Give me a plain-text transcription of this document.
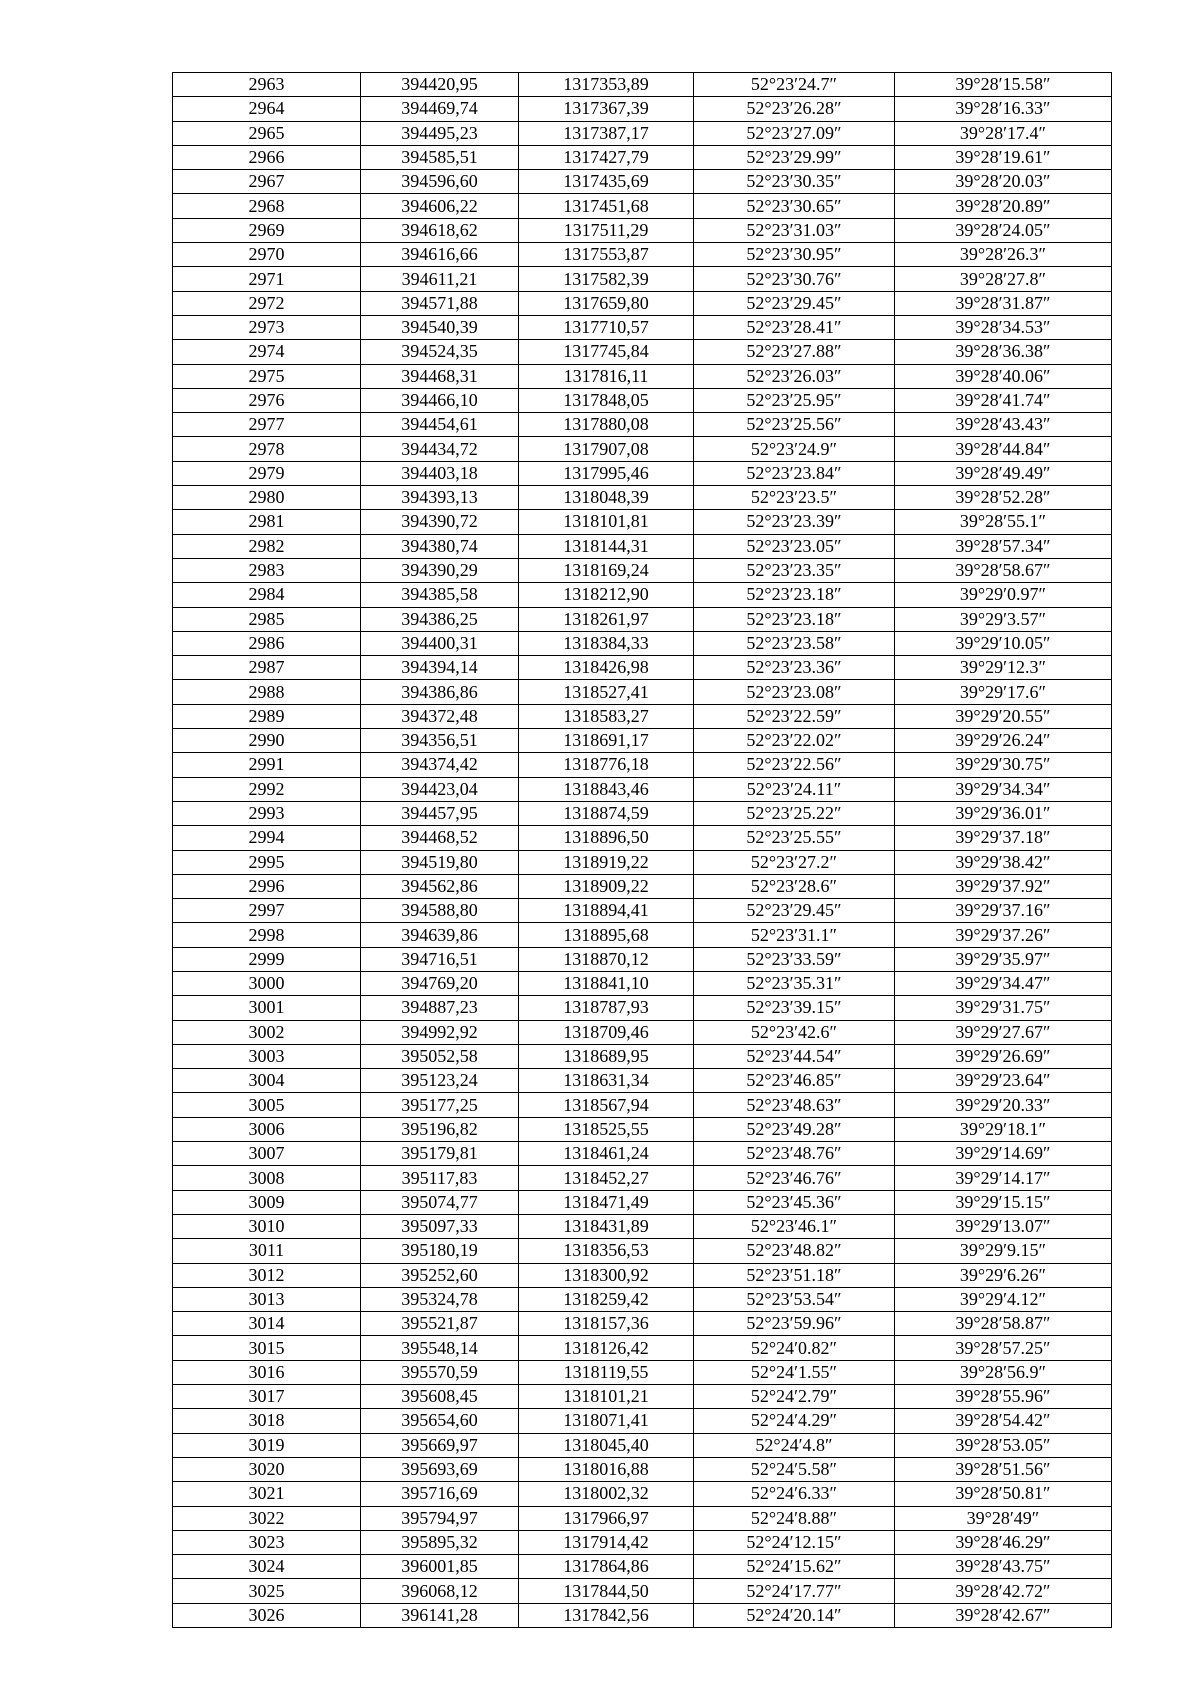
2963	394420,95	1317353,89	52°23′24.7″	39°28′15.58″
2964	394469,74	1317367,39	52°23′26.28″	39°28′16.33″
2965	394495,23	1317387,17	52°23′27.09″	39°28′17.4″
2966	394585,51	1317427,79	52°23′29.99″	39°28′19.61″
2967	394596,60	1317435,69	52°23′30.35″	39°28′20.03″
2968	394606,22	1317451,68	52°23′30.65″	39°28′20.89″
2969	394618,62	1317511,29	52°23′31.03″	39°28′24.05″
2970	394616,66	1317553,87	52°23′30.95″	39°28′26.3″
2971	394611,21	1317582,39	52°23′30.76″	39°28′27.8″
2972	394571,88	1317659,80	52°23′29.45″	39°28′31.87″
2973	394540,39	1317710,57	52°23′28.41″	39°28′34.53″
2974	394524,35	1317745,84	52°23′27.88″	39°28′36.38″
2975	394468,31	1317816,11	52°23′26.03″	39°28′40.06″
2976	394466,10	1317848,05	52°23′25.95″	39°28′41.74″
2977	394454,61	1317880,08	52°23′25.56″	39°28′43.43″
2978	394434,72	1317907,08	52°23′24.9″	39°28′44.84″
2979	394403,18	1317995,46	52°23′23.84″	39°28′49.49″
2980	394393,13	1318048,39	52°23′23.5″	39°28′52.28″
2981	394390,72	1318101,81	52°23′23.39″	39°28′55.1″
2982	394380,74	1318144,31	52°23′23.05″	39°28′57.34″
2983	394390,29	1318169,24	52°23′23.35″	39°28′58.67″
2984	394385,58	1318212,90	52°23′23.18″	39°29′0.97″
2985	394386,25	1318261,97	52°23′23.18″	39°29′3.57″
2986	394400,31	1318384,33	52°23′23.58″	39°29′10.05″
2987	394394,14	1318426,98	52°23′23.36″	39°29′12.3″
2988	394386,86	1318527,41	52°23′23.08″	39°29′17.6″
2989	394372,48	1318583,27	52°23′22.59″	39°29′20.55″
2990	394356,51	1318691,17	52°23′22.02″	39°29′26.24″
2991	394374,42	1318776,18	52°23′22.56″	39°29′30.75″
2992	394423,04	1318843,46	52°23′24.11″	39°29′34.34″
2993	394457,95	1318874,59	52°23′25.22″	39°29′36.01″
2994	394468,52	1318896,50	52°23′25.55″	39°29′37.18″
2995	394519,80	1318919,22	52°23′27.2″	39°29′38.42″
2996	394562,86	1318909,22	52°23′28.6″	39°29′37.92″
2997	394588,80	1318894,41	52°23′29.45″	39°29′37.16″
2998	394639,86	1318895,68	52°23′31.1″	39°29′37.26″
2999	394716,51	1318870,12	52°23′33.59″	39°29′35.97″
3000	394769,20	1318841,10	52°23′35.31″	39°29′34.47″
3001	394887,23	1318787,93	52°23′39.15″	39°29′31.75″
3002	394992,92	1318709,46	52°23′42.6″	39°29′27.67″
3003	395052,58	1318689,95	52°23′44.54″	39°29′26.69″
3004	395123,24	1318631,34	52°23′46.85″	39°29′23.64″
3005	395177,25	1318567,94	52°23′48.63″	39°29′20.33″
3006	395196,82	1318525,55	52°23′49.28″	39°29′18.1″
3007	395179,81	1318461,24	52°23′48.76″	39°29′14.69″
3008	395117,83	1318452,27	52°23′46.76″	39°29′14.17″
3009	395074,77	1318471,49	52°23′45.36″	39°29′15.15″
3010	395097,33	1318431,89	52°23′46.1″	39°29′13.07″
3011	395180,19	1318356,53	52°23′48.82″	39°29′9.15″
3012	395252,60	1318300,92	52°23′51.18″	39°29′6.26″
3013	395324,78	1318259,42	52°23′53.54″	39°29′4.12″
3014	395521,87	1318157,36	52°23′59.96″	39°28′58.87″
3015	395548,14	1318126,42	52°24′0.82″	39°28′57.25″
3016	395570,59	1318119,55	52°24′1.55″	39°28′56.9″
3017	395608,45	1318101,21	52°24′2.79″	39°28′55.96″
3018	395654,60	1318071,41	52°24′4.29″	39°28′54.42″
3019	395669,97	1318045,40	52°24′4.8″	39°28′53.05″
3020	395693,69	1318016,88	52°24′5.58″	39°28′51.56″
3021	395716,69	1318002,32	52°24′6.33″	39°28′50.81″
3022	395794,97	1317966,97	52°24′8.88″	39°28′49″
3023	395895,32	1317914,42	52°24′12.15″	39°28′46.29″
3024	396001,85	1317864,86	52°24′15.62″	39°28′43.75″
3025	396068,12	1317844,50	52°24′17.77″	39°28′42.72″
3026	396141,28	1317842,56	52°24′20.14″	39°28′42.67″
